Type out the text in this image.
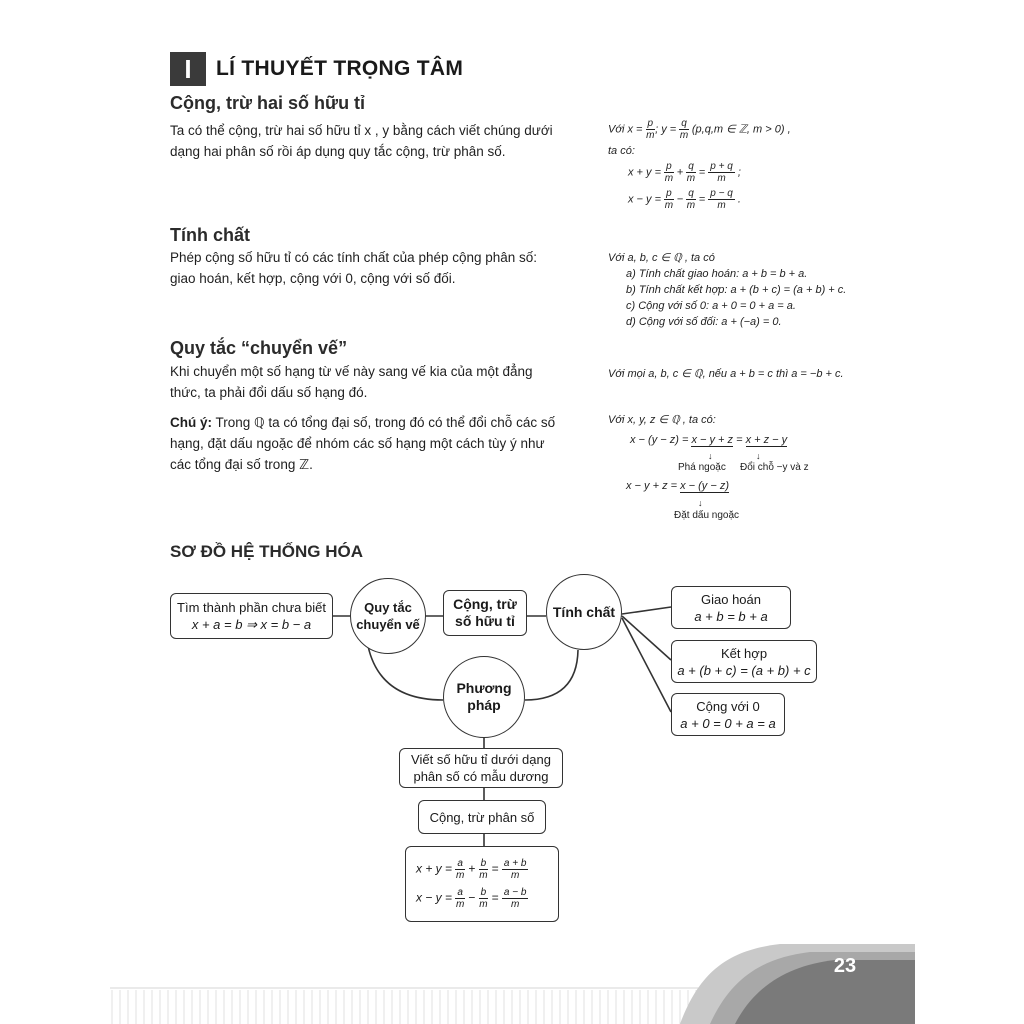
I	LÍ THUYẾT TRỌNG TÂM
Cộng, trừ hai số hữu tỉ
Ta có thể cộng, trừ hai số hữu tỉ x , y bằng cách viết chúng dưới
dạng hai phân số rồi áp dụng quy tắc cộng, trừ phân số.
Với $x = \frac{p}{m}$ ; $y = \frac{q}{m} (p,q,m$ ∈ ℤ, m > 0) ,
ta có:
$x + y = \frac{p}{m} + \frac{q}{m} = \frac{p + q}{m}$ ;
$x - y = \frac{p}{m} - \frac{q}{m} = \frac{p - q}{m}$ .
Tính chất
Phép cộng số hữu tỉ có các tính chất của phép cộng phân số:
giao hoán, kết hợp, cộng với 0, cộng với số đối.
Với a, b, c ∈ ℚ , ta có
a) Tính chất giao hoán: a + b = b + a.
b) Tính chất kết hợp: a + (b + c) = (a + b) + c.
c) Cộng với số 0: a + 0 = 0 + a = a.
d) Cộng với số đối: a + (−a) = 0.
Quy tắc “chuyển vế”
Khi chuyển một số hạng từ vế này sang vế kia của một đẳng
thức, ta phải đổi dấu số hạng đó.
Với mọi a, b, c ∈ ℚ, nếu a + b = c thì a = −b + c.
Chú ý: Trong ℚ ta có tổng đại số, trong đó có thể đổi chỗ các số
hạng, đặt dấu ngoặc để nhóm các số hạng một cách tùy ý như
các tổng đại số trong ℤ.
Với x, y, z ∈ ℚ , ta có:
x − (y − z) = x − y + z = x + z − y
↓	↓
Phá ngoặc Đổi chỗ −y và z
x − y + z = x − (y − z)
↓
Đặt dấu ngoặc
SƠ ĐỒ HỆ THỐNG HÓA
Tìm thành phần chưa biết
x + a = b ⇒ x = b − a
Quy tắc
chuyển vế
Cộng, trừ
số hữu tỉ
Tính chất
Giao hoán
a + b = b + a
Kết hợp
a + (b + c) = (a + b) + c
Cộng với 0
a + 0 = 0 + a = a
Phương
pháp
Viết số hữu tỉ dưới dạng
phân số có mẫu dương
Cộng, trừ phân số
$x + y = \frac{a}{m} + \frac{b}{m} = \frac{a + b}{m}$
$x - y = \frac{a}{m} - \frac{b}{m} = \frac{a - b}{m}$
23
